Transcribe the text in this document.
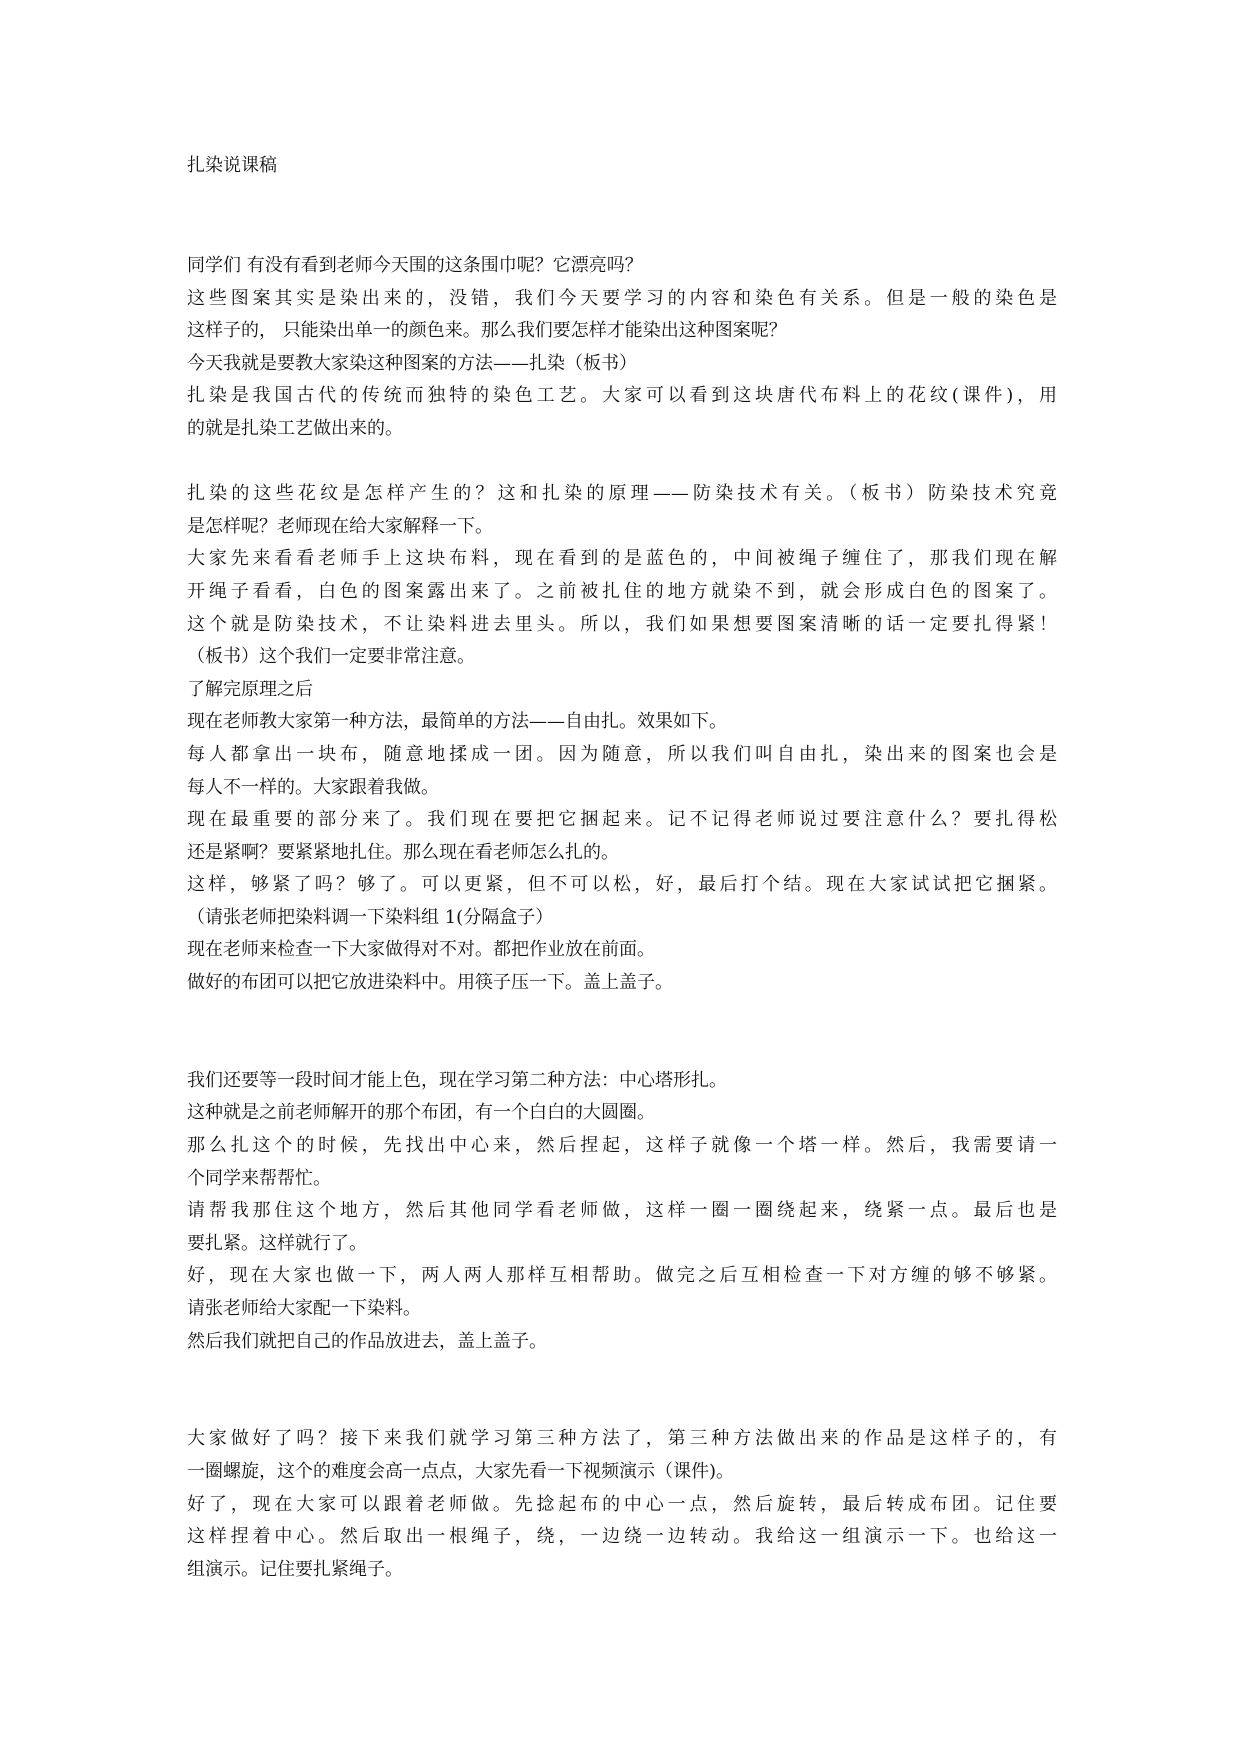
扎染说课稿
同学们 有没有看到老师今天围的这条围巾呢？它漂亮吗？
这些图案其实是染出来的，没错，我们今天要学习的内容和染色有关系。但是一般的染色是
这样子的， 只能染出单一的颜色来。那么我们要怎样才能染出这种图案呢？
今天我就是要教大家染这种图案的方法——扎染（板书）
扎染是我国古代的传统而独特的染色工艺。大家可以看到这块唐代布料上的花纹(课件)，用
的就是扎染工艺做出来的。
扎染的这些花纹是怎样产生的？这和扎染的原理——防染技术有关。（板书）防染技术究竟
是怎样呢？老师现在给大家解释一下。
大家先来看看老师手上这块布料，现在看到的是蓝色的，中间被绳子缠住了，那我们现在解
开绳子看看，白色的图案露出来了。之前被扎住的地方就染不到，就会形成白色的图案了。
这个就是防染技术，不让染料进去里头。所以，我们如果想要图案清晰的话一定要扎得紧！
（板书）这个我们一定要非常注意。
了解完原理之后
现在老师教大家第一种方法，最简单的方法——自由扎。效果如下。
每人都拿出一块布，随意地揉成一团。因为随意，所以我们叫自由扎，染出来的图案也会是
每人不一样的。大家跟着我做。
现在最重要的部分来了。我们现在要把它捆起来。记不记得老师说过要注意什么？要扎得松
还是紧啊？要紧紧地扎住。那么现在看老师怎么扎的。
这样，够紧了吗？够了。可以更紧，但不可以松，好，最后打个结。现在大家试试把它捆紧。
（请张老师把染料调一下染料组 1(分隔盒子）
现在老师来检查一下大家做得对不对。都把作业放在前面。
做好的布团可以把它放进染料中。用筷子压一下。盖上盖子。
我们还要等一段时间才能上色，现在学习第二种方法：中心塔形扎。
这种就是之前老师解开的那个布团，有一个白白的大圆圈。
那么扎这个的时候，先找出中心来，然后捏起，这样子就像一个塔一样。然后，我需要请一
个同学来帮帮忙。
请帮我那住这个地方，然后其他同学看老师做，这样一圈一圈绕起来，绕紧一点。最后也是
要扎紧。这样就行了。
好，现在大家也做一下，两人两人那样互相帮助。做完之后互相检查一下对方缠的够不够紧。
请张老师给大家配一下染料。
然后我们就把自己的作品放进去，盖上盖子。
大家做好了吗？接下来我们就学习第三种方法了，第三种方法做出来的作品是这样子的，有
一圈螺旋，这个的难度会高一点点，大家先看一下视频演示（课件)。
好了，现在大家可以跟着老师做。先捻起布的中心一点，然后旋转，最后转成布团。记住要
这样捏着中心。然后取出一根绳子，绕，一边绕一边转动。我给这一组演示一下。也给这一
组演示。记住要扎紧绳子。
